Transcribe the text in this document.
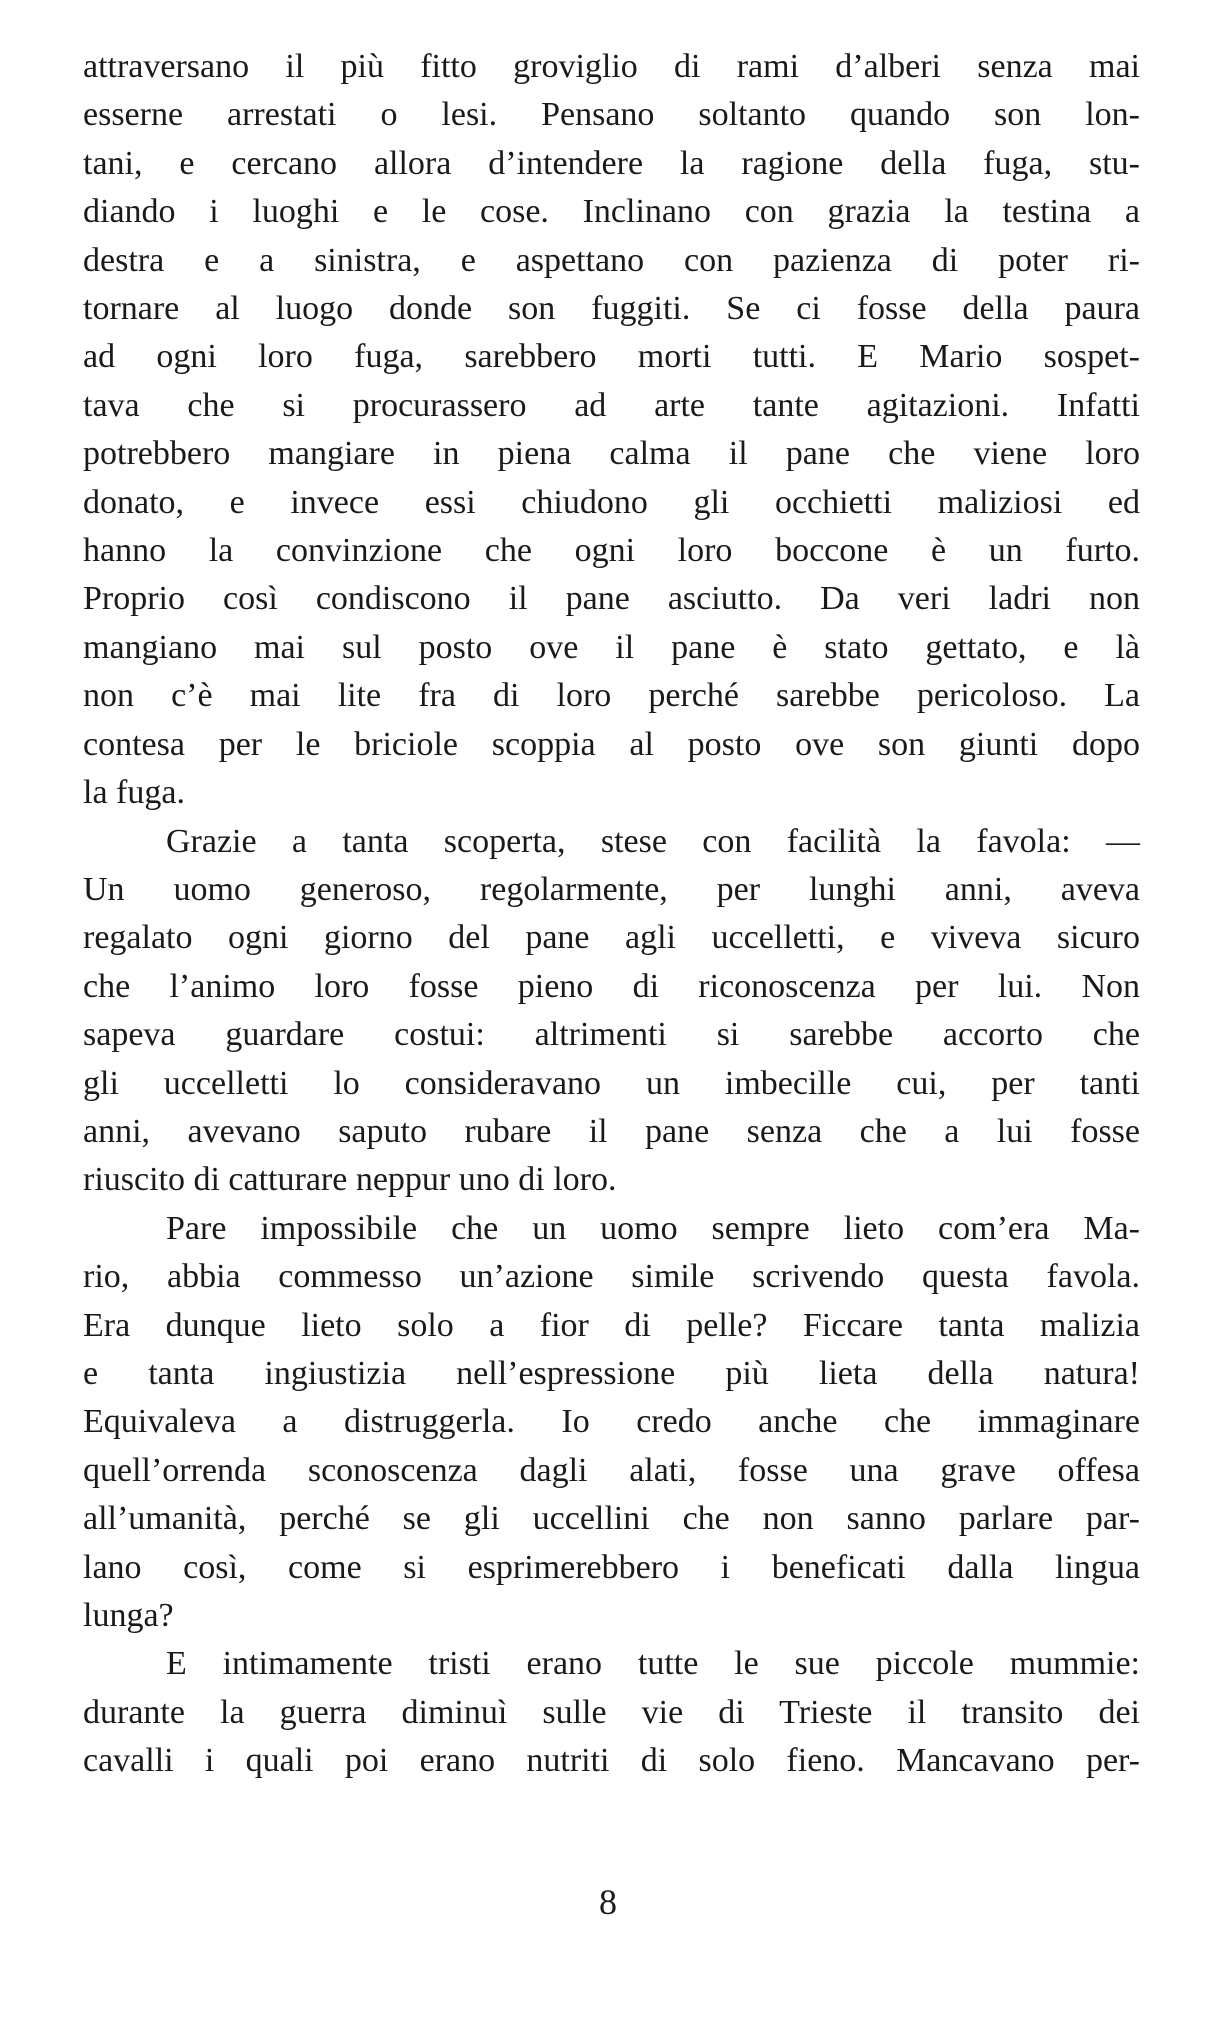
attraversano il più fitto groviglio di rami d’alberi senza mai

esserne arrestati o lesi. Pensano soltanto quando son lon-

tani, e cercano allora d’intendere la ragione della fuga, stu-

diando i luoghi e le cose. Inclinano con grazia la testina a

destra e a sinistra, e aspettano con pazienza di poter ri-

tornare al luogo donde son fuggiti. Se ci fosse della paura

ad ogni loro fuga, sarebbero morti tutti. E Mario sospet-

tava che si procurassero ad arte tante agitazioni. Infatti

potrebbero mangiare in piena calma il pane che viene loro

donato, e invece essi chiudono gli occhietti maliziosi ed

hanno la convinzione che ogni loro boccone è un furto.

Proprio così condiscono il pane asciutto. Da veri ladri non

mangiano mai sul posto ove il pane è stato gettato, e là

non c’è mai lite fra di loro perché sarebbe pericoloso. La

contesa per le briciole scoppia al posto ove son giunti dopo

la fuga.

Grazie a tanta scoperta, stese con facilità la favola: —

Un uomo generoso, regolarmente, per lunghi anni, aveva

regalato ogni giorno del pane agli uccelletti, e viveva sicuro

che l’animo loro fosse pieno di riconoscenza per lui. Non

sapeva guardare costui: altrimenti si sarebbe accorto che

gli uccelletti lo consideravano un imbecille cui, per tanti

anni, avevano saputo rubare il pane senza che a lui fosse

riuscito di catturare neppur uno di loro.

Pare impossibile che un uomo sempre lieto com’era Ma-

rio, abbia commesso un’azione simile scrivendo questa favola.

Era dunque lieto solo a fior di pelle? Ficcare tanta malizia

e tanta ingiustizia nell’espressione più lieta della natura!

Equivaleva a distruggerla. Io credo anche che immaginare

quell’orrenda sconoscenza dagli alati, fosse una grave offesa

all’umanità, perché se gli uccellini che non sanno parlare par-

lano così, come si esprimerebbero i beneficati dalla lingua

lunga?

E intimamente tristi erano tutte le sue piccole mummie:

durante la guerra diminuì sulle vie di Trieste il transito dei

cavalli i quali poi erano nutriti di solo fieno. Mancavano per-

8
